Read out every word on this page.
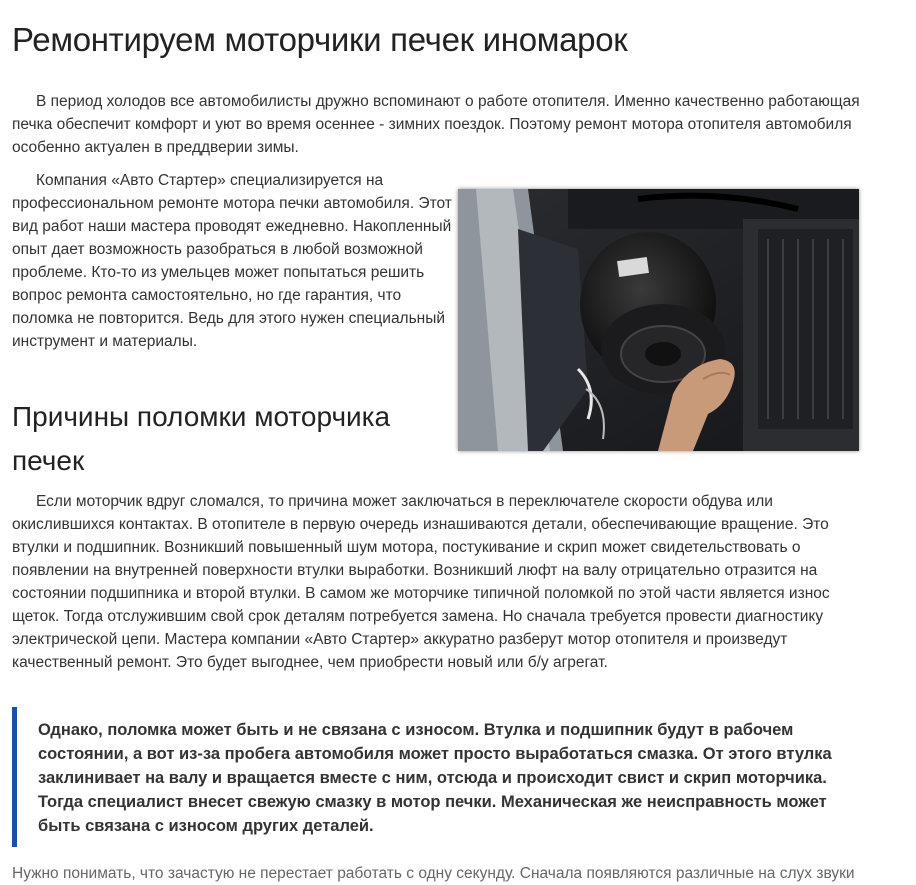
Ремонтируем моторчики печек иномарок

В период холодов все автомобилисты дружно вспоминают о работе отопителя. Именно качественно работающая печка обеспечит комфорт и уют во время осеннее - зимних поездок. Поэтому ремонт мотора отопителя автомобиля особенно актуален в преддверии зимы.

Компания «Авто Стартер» специализируется на профессиональном ремонте мотора печки автомобиля. Этот вид работ наши мастера проводят ежедневно. Накопленный опыт дает возможность разобраться в любой возможной проблеме. Кто-то из умельцев может попытаться решить вопрос ремонта самостоятельно, но где гарантия, что поломка не повторится. Ведь для этого нужен специальный инструмент и материалы.

Причины поломки моторчика печек

Если моторчик вдруг сломался, то причина может заключаться в переключателе скорости обдува или окислившихся контактах. В отопителе в первую очередь изнашиваются детали, обеспечивающие вращение. Это втулки и подшипник. Возникший повышенный шум мотора, постукивание и скрип может свидетельствовать о появлении на внутренней поверхности втулки выработки. Возникший люфт на валу отрицательно отразится на состоянии подшипника и второй втулки. В самом же моторчике типичной поломкой по этой части является износ щеток. Тогда отслужившим свой срок деталям потребуется замена. Но сначала требуется провести диагностику электрической цепи. Мастера компании «Авто Стартер» аккуратно разберут мотор отопителя и произведут качественный ремонт. Это будет выгоднее, чем приобрести новый или б/у агрегат.

Однако, поломка может быть и не связана с износом. Втулка и подшипник будут в рабочем состоянии, а вот из-за пробега автомобиля может просто выработаться смазка. От этого втулка заклинивает на валу и вращается вместе с ним, отсюда и происходит свист и скрип моторчика. Тогда специалист внесет свежую смазку в мотор печки. Механическая же неисправность может быть связана с износом других деталей.

Нужно понимать, что зачастую не перестает работать с одну секунду. Сначала появляются различные на слух звуки
